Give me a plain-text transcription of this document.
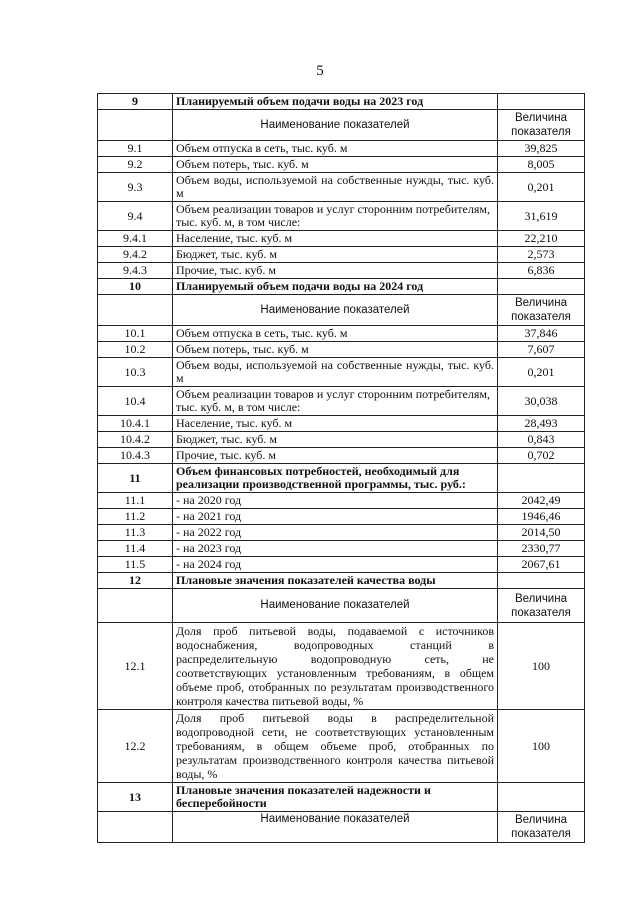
5
9	Планируемый объем подачи воды на 2023 год	
	Наименование показателей	Величина показателя
9.1	Объем отпуска в сеть, тыс. куб. м	39,825
9.2	Объем потерь, тыс. куб. м	8,005
9.3	Объем воды, используемой на собственные нужды, тыс. куб. м	0,201
9.4	Объем реализации товаров и услуг сторонним потребителям, тыс. куб. м, в том числе:	31,619
9.4.1	Население, тыс. куб. м	22,210
9.4.2	Бюджет, тыс. куб. м	2,573
9.4.3	Прочие, тыс. куб. м	6,836
10	Планируемый объем подачи воды на 2024 год	
	Наименование показателей	Величина показателя
10.1	Объем отпуска в сеть, тыс. куб. м	37,846
10.2	Объем потерь, тыс. куб. м	7,607
10.3	Объем воды, используемой на собственные нужды, тыс. куб. м	0,201
10.4	Объем реализации товаров и услуг сторонним потребителям, тыс. куб. м, в том числе:	30,038
10.4.1	Население, тыс. куб. м	28,493
10.4.2	Бюджет, тыс. куб. м	0,843
10.4.3	Прочие, тыс. куб. м	0,702
11	Объем финансовых потребностей, необходимый для реализации производственной программы, тыс. руб.:	
11.1	- на 2020 год	2042,49
11.2	- на 2021 год	1946,46
11.3	- на 2022 год	2014,50
11.4	- на 2023 год	2330,77
11.5	- на 2024 год	2067,61
12	Плановые значения показателей качества воды	
	Наименование показателей	Величина показателя
12.1	Доля проб питьевой воды, подаваемой с источников водоснабжения, водопроводных станций в распределительную водопроводную сеть, не соответствующих установленным требованиям, в общем объеме проб, отобранных по результатам производственного контроля качества питьевой воды, %	100
12.2	Доля проб питьевой воды в распределительной водопроводной сети, не соответствующих установленным требованиям, в общем объеме проб, отобранных по результатам производственного контроля качества питьевой воды, %	100
13	Плановые значения показателей надежности и бесперебойности	
	Наименование показателей	Величина показателя
